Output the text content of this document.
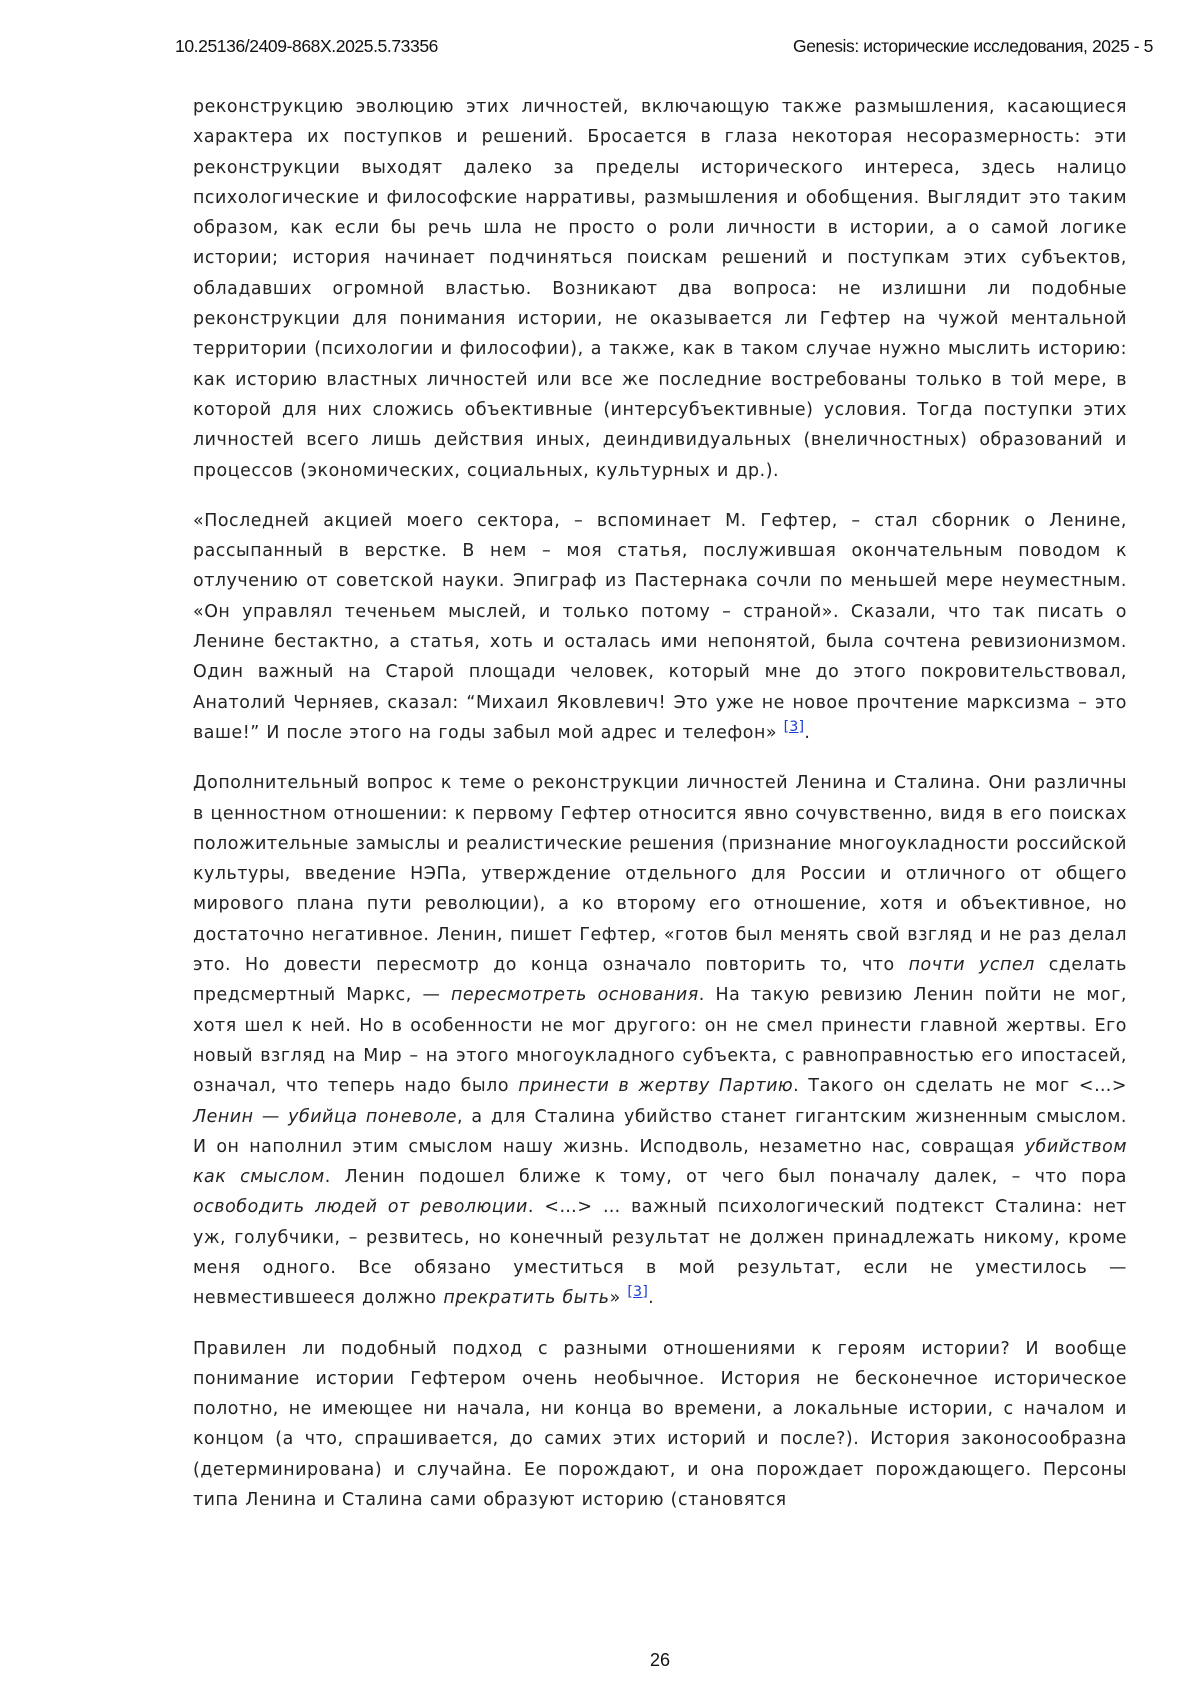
10.25136/2409-868X.2025.5.73356	Genesis: исторические исследования, 2025 - 5

реконструкцию эволюцию этих личностей, включающую также размышления, касающиеся характера их поступков и решений. Бросается в глаза некоторая несоразмерность: эти реконструкции выходят далеко за пределы исторического интереса, здесь налицо психологические и философские нарративы, размышления и обобщения. Выглядит это таким образом, как если бы речь шла не просто о роли личности в истории, а о самой логике истории; история начинает подчиняться поискам решений и поступкам этих субъектов, обладавших огромной властью. Возникают два вопроса: не излишни ли подобные реконструкции для понимания истории, не оказывается ли Гефтер на чужой ментальной территории (психологии и философии), а также, как в таком случае нужно мыслить историю: как историю властных личностей или все же последние востребованы только в той мере, в которой для них сложись объективные (интерсубъективные) условия. Тогда поступки этих личностей всего лишь действия иных, деиндивидуальных (внеличностных) образований и процессов (экономических, социальных, культурных и др.).

«Последней акцией моего сектора, – вспоминает М. Гефтер, – стал сборник о Ленине, рассыпанный в верстке. В нем – моя статья, послужившая окончательным поводом к отлучению от советской науки. Эпиграф из Пастернака сочли по меньшей мере неуместным. «Он управлял теченьем мыслей, и только потому – страной». Сказали, что так писать о Ленине бестактно, а статья, хоть и осталась ими непонятой, была сочтена ревизионизмом. Один важный на Старой площади человек, который мне до этого покровительствовал, Анатолий Черняев, сказал: “Михаил Яковлевич! Это уже не новое прочтение марксизма – это ваше!” И после этого на годы забыл мой адрес и телефон» [3].

Дополнительный вопрос к теме о реконструкции личностей Ленина и Сталина. Они различны в ценностном отношении: к первому Гефтер относится явно сочувственно, видя в его поисках положительные замыслы и реалистические решения (признание многоукладности российской культуры, введение НЭПа, утверждение отдельного для России и отличного от общего мирового плана пути революции), а ко второму его отношение, хотя и объективное, но достаточно негативное. Ленин, пишет Гефтер, «готов был менять свой взгляд и не раз делал это. Но довести пересмотр до конца означало повторить то, что почти успел сделать предсмертный Маркс, — пересмотреть основания. На такую ревизию Ленин пойти не мог, хотя шел к ней. Но в особенности не мог другого: он не смел принести главной жертвы. Его новый взгляд на Мир – на этого многоукладного субъекта, с равноправностью его ипостасей, означал, что теперь надо было принести в жертву Партию. Такого он сделать не мог <…> Ленин — убийца поневоле, а для Сталина убийство станет гигантским жизненным смыслом. И он наполнил этим смыслом нашу жизнь. Исподволь, незаметно нас, совращая убийством как смыслом. Ленин подошел ближе к тому, от чего был поначалу далек, – что пора освободить людей от революции. <…> … важный психологический подтекст Сталина: нет уж, голубчики, – резвитесь, но конечный результат не должен принадлежать никому, кроме меня одного. Все обязано уместиться в мой результат, если не уместилось — невместившееся должно прекратить быть» [3].

Правилен ли подобный подход с разными отношениями к героям истории? И вообще понимание истории Гефтером очень необычное. История не бесконечное историческое полотно, не имеющее ни начала, ни конца во времени, а локальные истории, с началом и концом (а что, спрашивается, до самих этих историй и после?). История законосообразна (детерминирована) и случайна. Ее порождают, и она порождает порождающего. Персоны типа Ленина и Сталина сами образуют историю (становятся

26
